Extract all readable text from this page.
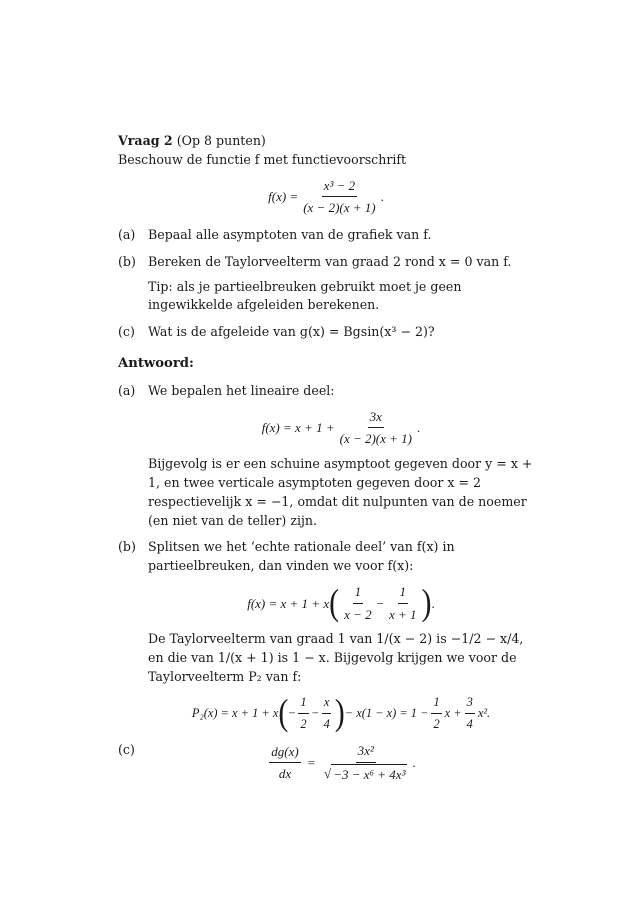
Vraag 2 (Op 8 punten)

Beschouw de functie f met functievoorschrift

$f(x) = \frac{\text{x³ − 2}}{(x - 2)(x + 1)}$ .
(a) Bepaal alle asymptoten van de grafiek van f.

(b) Bereken de Taylorveelterm van graad 2 rond x = 0 van f.

Tip: als je partieelbreuken gebruikt moet je geen ingewikkelde afgeleiden berekenen.

(c) Wat is de afgeleide van g(x) = Bgsin(x³ − 2)?

Antwoord:

(a) We bepalen het lineaire deel:

$f(x) = x + 1 + \frac{3x}{(x - 2)(x + 1)}$ .

Bijgevolg is er een schuine asymptoot gegeven door y = x + 1, en twee verticale asymptoten gegeven door x = 2 respectievelijk x = −1, omdat dit nulpunten van de noemer (en niet van de teller) zijn.

(b) Splitsen we het ‘echte rationale deel’ van f(x) in partieelbreuken, dan vinden we voor f(x):

f(x) = x + 1 + x ( $\frac{1}{x - 2} - \frac{1}{x + 1}$ ) .

De Taylorveelterm van graad 1 van 1/(x − 2) is −1/2 − x/4, en die van 1/(x + 1) is 1 − x. Bijgevolg krijgen we voor de Taylorveelterm P₂ van f:

P₂(x) = x + 1 + x ( − $\frac{1}{2} - \frac{x}{4}$ ) − $x(1 - x) = 1 - \frac{1}{2}$ $x + \frac{3}{4} x^2$.
(c)	$\frac{dg(x)}{dx} = \frac{\text{3x²}}{\text{√ −3 − x⁶ + 4x³}}$ .
